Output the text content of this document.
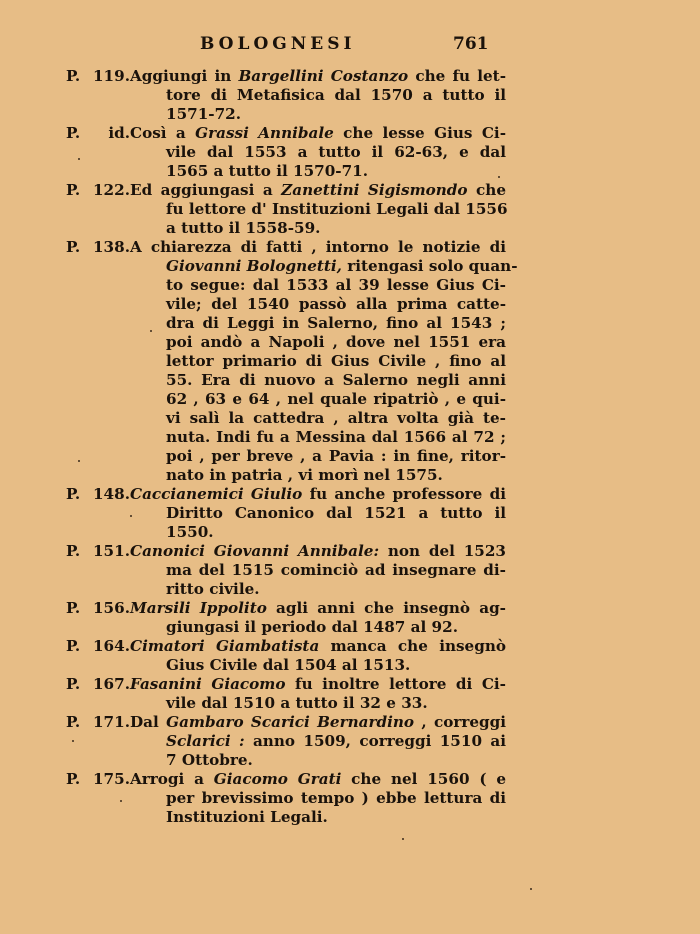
BOLOGNESI	761
P. 119.Aggiungi in Bargellini Costanzo che fu let-
tore di Metafisica dal 1570 a tutto il
1571-72.
P. id.Così a Grassi Annibale che lesse Gius Ci-
vile dal 1553 a tutto il 62-63, e dal
1565 a tutto il 1570-71.
P. 122.Ed aggiungasi a Zanettini Sigismondo che
fu lettore d' Instituzioni Legali dal 1556
a tutto il 1558-59.
P. 138.A chiarezza di fatti , intorno le notizie di
Giovanni Bolognetti, ritengasi solo quan-
to segue: dal 1533 al 39 lesse Gius Ci-
vile; del 1540 passò alla prima catte-
dra di Leggi in Salerno, fino al 1543 ;
poi andò a Napoli , dove nel 1551 era
lettor primario di Gius Civile , fino al
55. Era di nuovo a Salerno negli anni
62 , 63 e 64 , nel quale ripatriò , e qui-
vi salì la cattedra , altra volta già te-
nuta. Indi fu a Messina dal 1566 al 72 ;
poi , per breve , a Pavia : in fine, ritor-
nato in patria , vi morì nel 1575.
P. 148.Caccianemici Giulio fu anche professore di
Diritto Canonico dal 1521 a tutto il
1550.
P. 151.Canonici Giovanni Annibale: non del 1523
ma del 1515 cominciò ad insegnare di-
ritto civile.
P. 156.Marsili Ippolito agli anni che insegnò ag-
giungasi il periodo dal 1487 al 92.
P. 164.Cimatori Giambatista manca che insegnò
Gius Civile dal 1504 al 1513.
P. 167.Fasanini Giacomo fu inoltre lettore di Ci-
vile dal 1510 a tutto il 32 e 33.
P. 171.Dal Gambaro Scarici Bernardino , correggi
Sclarici : anno 1509, correggi 1510 ai
7 Ottobre.
P. 175.Arrogi a Giacomo Grati che nel 1560 ( e
per brevissimo tempo ) ebbe lettura di
Instituzioni Legali.
